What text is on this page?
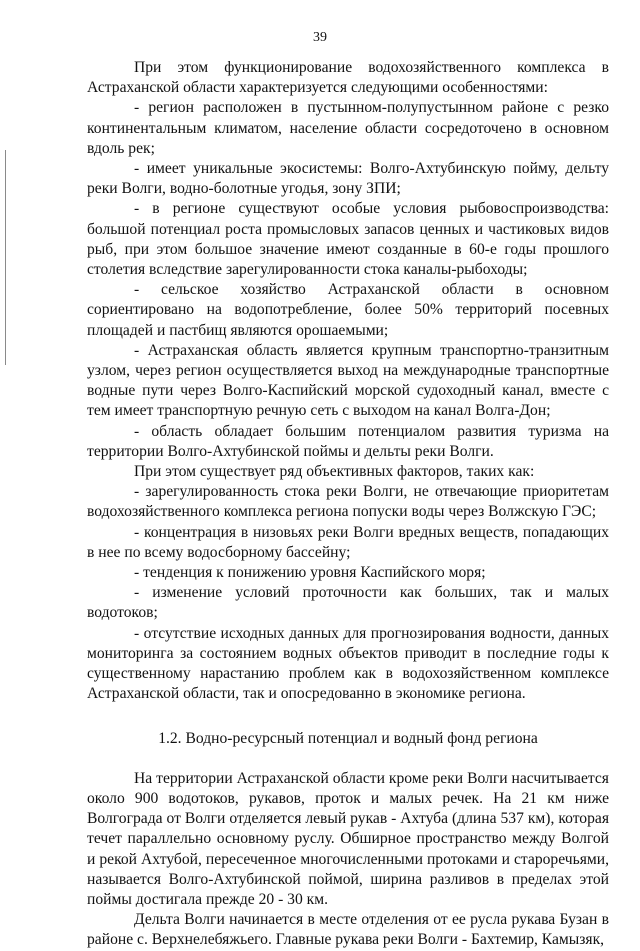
39

При этом функционирование водохозяйственного комплекса в Астраханской области характеризуется следующими особенностями:

- регион расположен в пустынном-полупустынном районе с резко континентальным климатом, население области сосредоточено в основном вдоль рек;

- имеет уникальные экосистемы: Волго-Ахтубинскую пойму, дельту реки Волги, водно-болотные угодья, зону ЗПИ;

- в регионе существуют особые условия рыбовоспроизводства: большой потенциал роста промысловых запасов ценных и частиковых видов рыб, при этом большое значение имеют созданные в 60-е годы прошлого столетия вследствие зарегулированности стока каналы-рыбоходы;

- сельское хозяйство Астраханской области в основном сориентировано на водопотребление, более 50% территорий посевных площадей и пастбищ являются орошаемыми;

- Астраханская область является крупным транспортно-транзитным узлом, через регион осуществляется выход на международные транспортные водные пути через Волго-Каспийский морской судоходный канал, вместе с тем имеет транспортную речную сеть с выходом на канал Волга-Дон;

- область обладает большим потенциалом развития туризма на территории Волго-Ахтубинской поймы и дельты реки Волги.

При этом существует ряд объективных факторов, таких как:

- зарегулированность стока реки Волги, не отвечающие приоритетам водохозяйственного комплекса региона попуски воды через Волжскую ГЭС;

- концентрация в низовьях реки Волги вредных веществ, попадающих в нее по всему водосборному бассейну;

- тенденция к понижению уровня Каспийского моря;

- изменение условий проточности как больших, так и малых водотоков;

- отсутствие исходных данных для прогнозирования водности, данных мониторинга за состоянием водных объектов приводит в последние годы к существенному нарастанию проблем как в водохозяйственном комплексе Астраханской области, так и опосредованно в экономике региона.

1.2. Водно-ресурсный потенциал и водный фонд региона

На территории Астраханской области кроме реки Волги насчитывается около 900 водотоков, рукавов, проток и малых речек. На 21 км ниже Волгограда от Волги отделяется левый рукав - Ахтуба (длина 537 км), которая течет параллельно основному руслу. Обширное пространство между Волгой и рекой Ахтубой, пересеченное многочисленными протоками и староречьями, называется Волго-Ахтубинской поймой, ширина разливов в пределах этой поймы достигала прежде 20 - 30 км.

Дельта Волги начинается в месте отделения от ее русла рукава Бузан в районе с. Верхнелебяжьего. Главные рукава реки Волги - Бахтемир, Камызяк,
